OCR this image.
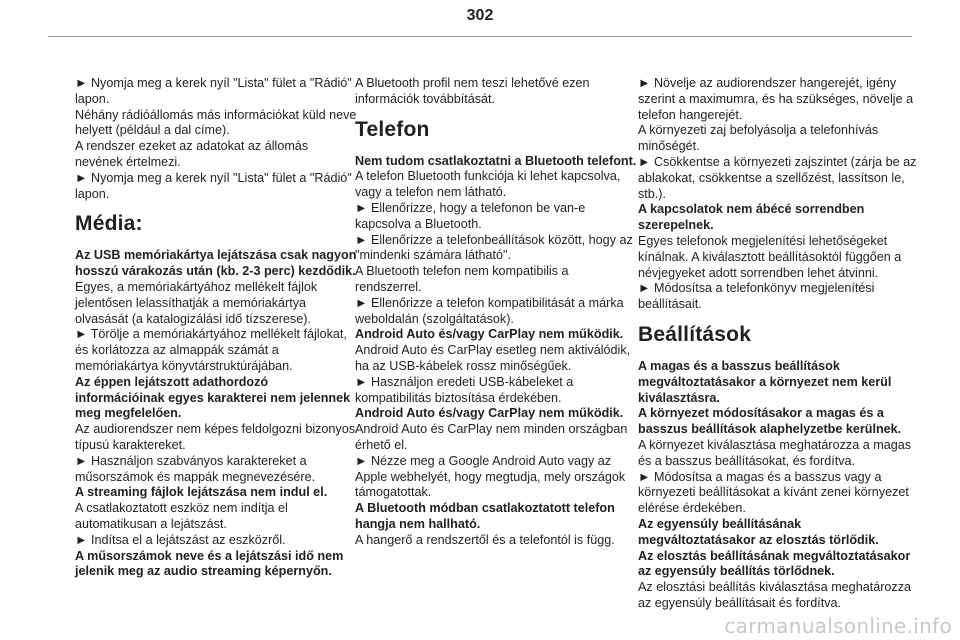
302

► Nyomja meg a kerek nyíl "Lista" fület a "Rádió" lapon.

Néhány rádióállomás más információkat küld neve helyett (például a dal címe).

A rendszer ezeket az adatokat az állomás nevének értelmezi.

► Nyomja meg a kerek nyíl "Lista" fület a "Rádió" lapon.

Média:

Az USB memóriakártya lejátszása csak nagyon hosszú várakozás után (kb. 2-3 perc) kezdődik.

Egyes, a memóriakártyához mellékelt fájlok jelentősen lelassíthatják a memóriakártya olvasását (a katalogizálási idő tízszerese).

► Törölje a memóriakártyához mellékelt fájlokat, és korlátozza az almappák számát a memóriakártya könyvtárstruktúrájában.

Az éppen lejátszott adathordozó információinak egyes karakterei nem jelennek meg megfelelően.

Az audiorendszer nem képes feldolgozni bizonyos típusú karaktereket.

► Használjon szabványos karaktereket a műsorszámok és mappák megnevezésére.

A streaming fájlok lejátszása nem indul el.

A csatlakoztatott eszköz nem indítja el automatikusan a lejátszást.

► Indítsa el a lejátszást az eszközről.

A műsorszámok neve és a lejátszási idő nem jelenik meg az audio streaming képernyőn.

A Bluetooth profil nem teszi lehetővé ezen információk továbbítását.

Telefon

Nem tudom csatlakoztatni a Bluetooth telefont.

A telefon Bluetooth funkciója ki lehet kapcsolva, vagy a telefon nem látható.

► Ellenőrizze, hogy a telefonon be van-e kapcsolva a Bluetooth.

► Ellenőrizze a telefonbeállítások között, hogy az "mindenki számára látható".

A Bluetooth telefon nem kompatibilis a rendszerrel.

► Ellenőrizze a telefon kompatibilitását a márka weboldalán (szolgáltatások).

Android Auto és/vagy CarPlay nem működik.

Android Auto és CarPlay esetleg nem aktiválódik, ha az USB-kábelek rossz minőségűek.

► Használjon eredeti USB-kábeleket a kompatibilitás biztosítása érdekében.

Android Auto és/vagy CarPlay nem működik.

Android Auto és CarPlay nem minden országban érhető el.

► Nézze meg a Google Android Auto vagy az Apple webhelyét, hogy megtudja, mely országok támogatottak.

A Bluetooth módban csatlakoztatott telefon hangja nem hallható.

A hangerő a rendszertől és a telefontól is függ.

► Növelje az audiorendszer hangerejét, igény szerint a maximumra, és ha szükséges, növelje a telefon hangerejét.

A környezeti zaj befolyásolja a telefonhívás minőségét.

► Csökkentse a környezeti zajszintet (zárja be az ablakokat, csökkentse a szellőzést, lassítson le, stb.).

A kapcsolatok nem ábécé sorrendben szerepelnek.

Egyes telefonok megjelenítési lehetőségeket kínálnak. A kiválasztott beállításoktól függően a névjegyeket adott sorrendben lehet átvinni.

► Módosítsa a telefonkönyv megjelenítési beállításait.

Beállítások

A magas és a basszus beállítások megváltoztatásakor a környezet nem kerül kiválasztásra.

A környezet módosításakor a magas és a basszus beállítások alaphelyzetbe kerülnek.

A környezet kiválasztása meghatározza a magas és a basszus beállításokat, és fordítva.

► Módosítsa a magas és a basszus vagy a környezeti beállításokat a kívánt zenei környezet elérése érdekében.

Az egyensúly beállításának megváltoztatásakor az elosztás törlődik.

Az elosztás beállításának megváltoztatásakor az egyensúly beállítás törlődnek.

Az elosztási beállítás kiválasztása meghatározza az egyensúly beállításait és fordítva.

carmanualsonline.info
